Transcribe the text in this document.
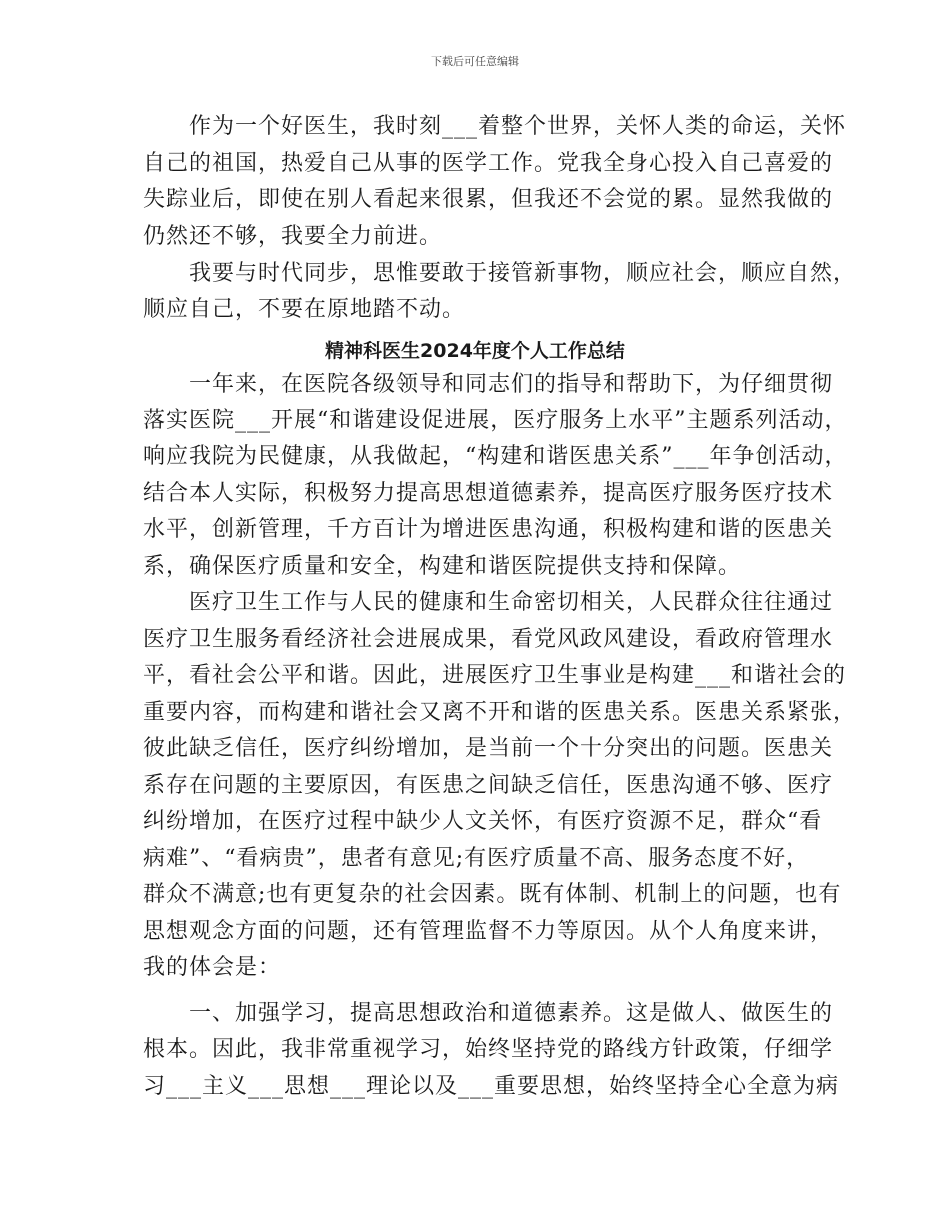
下载后可任意编辑
作为一个好医生，我时刻___着整个世界，关怀人类的命运，关怀
自己的祖国，热爱自己从事的医学工作。党我全身心投入自己喜爱的
失踪业后，即使在别人看起来很累，但我还不会觉的累。显然我做的
仍然还不够，我要全力前进。
我要与时代同步，思惟要敢于接管新事物，顺应社会，顺应自然，
顺应自己，不要在原地踏不动。
精神科医生2024年度个人工作总结
一年来，在医院各级领导和同志们的指导和帮助下，为仔细贯彻
落实医院___开展“和谐建设促进展，医疗服务上水平”主题系列活动，
响应我院为民健康，从我做起，“构建和谐医患关系”___年争创活动，
结合本人实际，积极努力提高思想道德素养，提高医疗服务医疗技术
水平，创新管理，千方百计为增进医患沟通，积极构建和谐的医患关
系，确保医疗质量和安全，构建和谐医院提供支持和保障。
医疗卫生工作与人民的健康和生命密切相关，人民群众往往通过
医疗卫生服务看经济社会进展成果，看党风政风建设，看政府管理水
平，看社会公平和谐。因此，进展医疗卫生事业是构建___和谐社会的
重要内容，而构建和谐社会又离不开和谐的医患关系。医患关系紧张，
彼此缺乏信任，医疗纠纷增加，是当前一个十分突出的问题。医患关
系存在问题的主要原因，有医患之间缺乏信任，医患沟通不够、医疗
纠纷增加，在医疗过程中缺少人文关怀，有医疗资源不足，群众“看
病难”、“看病贵”，患者有意见;有医疗质量不高、服务态度不好，
群众不满意;也有更复杂的社会因素。既有体制、机制上的问题，也有
思想观念方面的问题，还有管理监督不力等原因。从个人角度来讲，
我的体会是：
一、加强学习，提高思想政治和道德素养。这是做人、做医生的
根本。因此，我非常重视学习，始终坚持党的路线方针政策，仔细学
习___主义___思想___理论以及___重要思想，始终坚持全心全意为病
